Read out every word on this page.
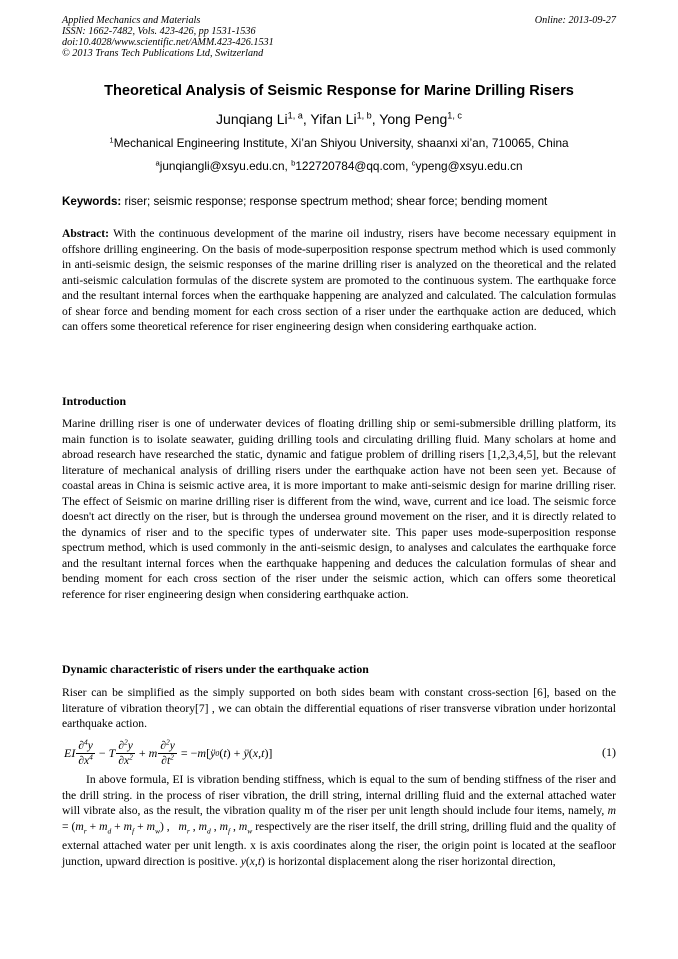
Applied Mechanics and Materials
ISSN: 1662-7482, Vols. 423-426, pp 1531-1536
doi:10.4028/www.scientific.net/AMM.423-426.1531
© 2013 Trans Tech Publications Ltd, Switzerland
Online: 2013-09-27
Theoretical Analysis of Seismic Response for Marine Drilling Risers
Junqiang Li$^{1, a}$, Yifan Li$^{1, b}$, Yong Peng$^{1, c}$
$^1$Mechanical Engineering Institute, Xi’an Shiyou University, shaanxi xi’an, 710065, China
$^a$junqiangli@xsyu.edu.cn, $^b$122720784@qq.com, $^c$ypeng@xsyu.edu.cn
Keywords: riser; seismic response; response spectrum method; shear force; bending moment
Abstract: With the continuous development of the marine oil industry, risers have become necessary equipment in offshore drilling engineering. On the basis of mode-superposition response spectrum method which is used commonly in anti-seismic design, the seismic responses of the marine drilling riser is analyzed on the theoretical and the related anti-seismic calculation formulas of the discrete system are promoted to the continuous system. The earthquake force and the resultant internal forces when the earthquake happening are analyzed and calculated. The calculation formulas of shear force and bending moment for each cross section of a riser under the earthquake action are deduced, which can offers some theoretical reference for riser engineering design when considering earthquake action.
Introduction
Marine drilling riser is one of underwater devices of floating drilling ship or semi-submersible drilling platform, its main function is to isolate seawater, guiding drilling tools and circulating drilling fluid. Many scholars at home and abroad research have researched the static, dynamic and fatigue problem of drilling risers [1,2,3,4,5], but the relevant literature of mechanical analysis of drilling risers under the earthquake action have not been seen yet. Because of coastal areas in China is seismic active area, it is more important to make anti-seismic design for marine drilling riser. The effect of Seismic on marine drilling riser is different from the wind, wave, current and ice load. The seismic force doesn't act directly on the riser, but is through the undersea ground movement on the riser, and it is directly related to the dynamics of riser and to the specific types of underwater site. This paper uses mode-superposition response spectrum method, which is used commonly in the anti-seismic design, to analyses and calculates the earthquake force and the resultant internal forces when the earthquake happening and deduces the calculation formulas of shear and bending moment for each cross section of the riser under the seismic action, which can offers some theoretical reference for riser engineering design when considering earthquake action.
Dynamic characteristic of risers under the earthquake action
Riser can be simplified as the simply supported on both sides beam with constant cross-section [6], based on the literature of vibration theory[7] , we can obtain the differential equations of riser transverse vibration under horizontal earthquake action.
EI $\frac{\partial^4y}{\partial x^4} - T \frac{\partial^2y}{\partial x^2} + m \frac{\partial^2y}{\partial t^2}$ = − m [ ÿ 0 ( t ) + ÿ ( x , t )]	(1)
In above formula, EI is vibration bending stiffness, which is equal to the sum of bending stiffness of the riser and the drill string. in the process of riser vibration, the drill string, internal drilling fluid and the external attached water will vibrate also, as the result, the vibration quality m of the riser per unit length should include four items, namely, $m = (m_r + m_d + m_f + m_w)$ ,   $m_r$ , $m_d$ , $m_f$ , $m_w$ respectively are the riser itself, the drill string, drilling fluid and the quality of external attached water per unit length. x is axis coordinates along the riser, the origin point is located at the seafloor junction, upward direction is positive. y(x,t) is horizontal displacement along the riser horizontal direction,
